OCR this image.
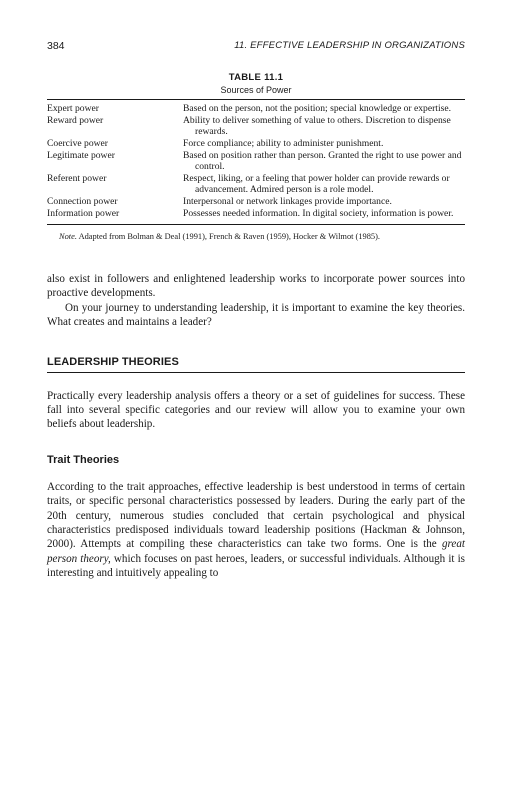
384	11. EFFECTIVE LEADERSHIP IN ORGANIZATIONS
TABLE 11.1
Sources of Power
Expert power	Based on the person, not the position; special knowledge or expertise.
Reward power	Ability to deliver something of value to others. Discretion to dispense rewards.
Coercive power	Force compliance; ability to administer punishment.
Legitimate power	Based on position rather than person. Granted the right to use power and control.
Referent power	Respect, liking, or a feeling that power holder can provide rewards or advancement. Admired person is a role model.
Connection power	Interpersonal or network linkages provide importance.
Information power	Possesses needed information. In digital society, information is power.
Note. Adapted from Bolman & Deal (1991), French & Raven (1959), Hocker & Wilmot (1985).

also exist in followers and enlightened leadership works to incorporate power sources into proactive developments.

On your journey to understanding leadership, it is important to examine the key theories. What creates and maintains a leader?

LEADERSHIP THEORIES

Practically every leadership analysis offers a theory or a set of guidelines for success. These fall into several specific categories and our review will allow you to examine your own beliefs about leadership.

Trait Theories

According to the trait approaches, effective leadership is best understood in terms of certain traits, or specific personal characteristics possessed by leaders. During the early part of the 20th century, numerous studies concluded that certain psychological and physical characteristics predisposed individuals toward leadership positions (Hackman & Johnson, 2000). Attempts at compiling these characteristics can take two forms. One is the great person theory, which focuses on past heroes, leaders, or successful individuals. Although it is interesting and intuitively appealing to
